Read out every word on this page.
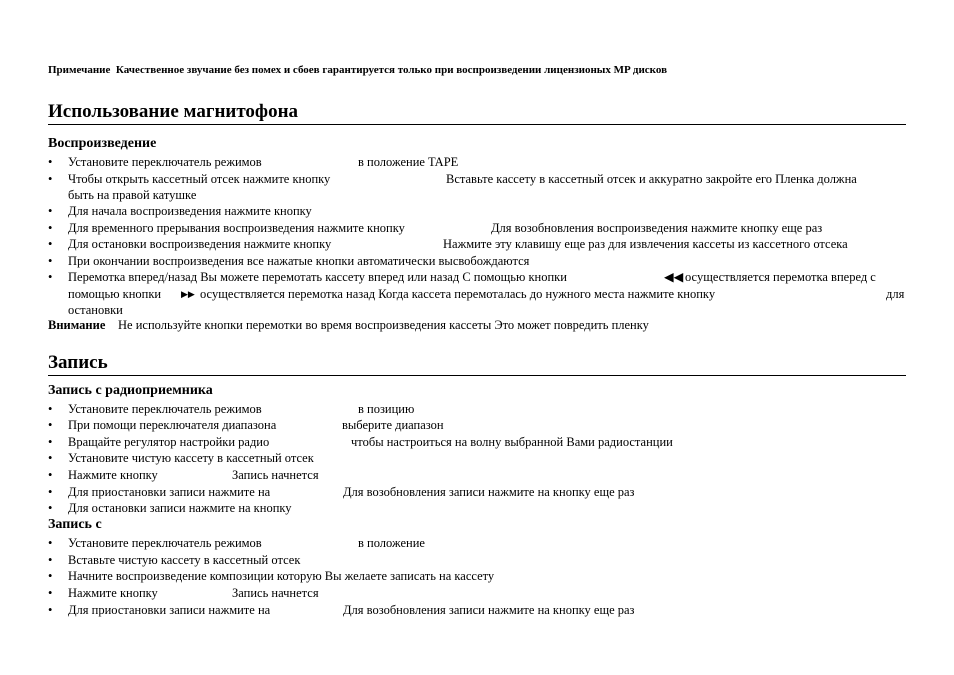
Примечание Качественное звучание без помех и сбоев гарантируется только при воспроизведении лицензионых MP дисков
Использование магнитофона
Воспроизведение
•	Установите переключатель режимов	в положение TAPE
•	Чтобы открыть кассетный отсек нажмите кнопку	Вставьте кассету в кассетный отсек и аккуратно закройте его Пленка должна
быть на правой катушке
•	Для начала воспроизведения нажмите кнопку
•	Для временного прерывания воспроизведения нажмите кнопку	Для возобновления воспроизведения нажмите кнопку еще раз
•	Для остановки воспроизведения нажмите кнопку	Нажмите эту клавишу еще раз для извлечения кассеты из кассетного отсека
•	При окончании воспроизведения все нажатые кнопки автоматически высвобождаются
•	Перемотка вперед/назад Вы можете перемотать кассету вперед или назад С помощью кнопки	◀◀ осуществляется перемотка вперед с
помощью кнопки ▶▶ осуществляется перемотка назад Когда кассета перемоталась до нужного места нажмите кнопку	для
остановки
Внимание Не используйте кнопки перемотки во время воспроизведения кассеты Это может повредить пленку
Запись
Запись с радиоприемника
•	Установите переключатель режимов	в позицию
•	При помощи переключателя диапазона	выберите диапазон
•	Вращайте регулятор настройки радио	чтобы настроиться на волну выбранной Вами радиостанции
•	Установите чистую кассету в кассетный отсек
•	Нажмите кнопку	Запись начнется
•	Для приостановки записи нажмите на	Для возобновления записи нажмите на кнопку еще раз
•	Для остановки записи нажмите на кнопку
Запись с
•	Установите переключатель режимов	в положение
•	Вставьте чистую кассету в кассетный отсек
•	Начните воспроизведение композиции которую Вы желаете записать на кассету
•	Нажмите кнопку	Запись начнется
•	Для приостановки записи нажмите на	Для возобновления записи нажмите на кнопку еще раз
